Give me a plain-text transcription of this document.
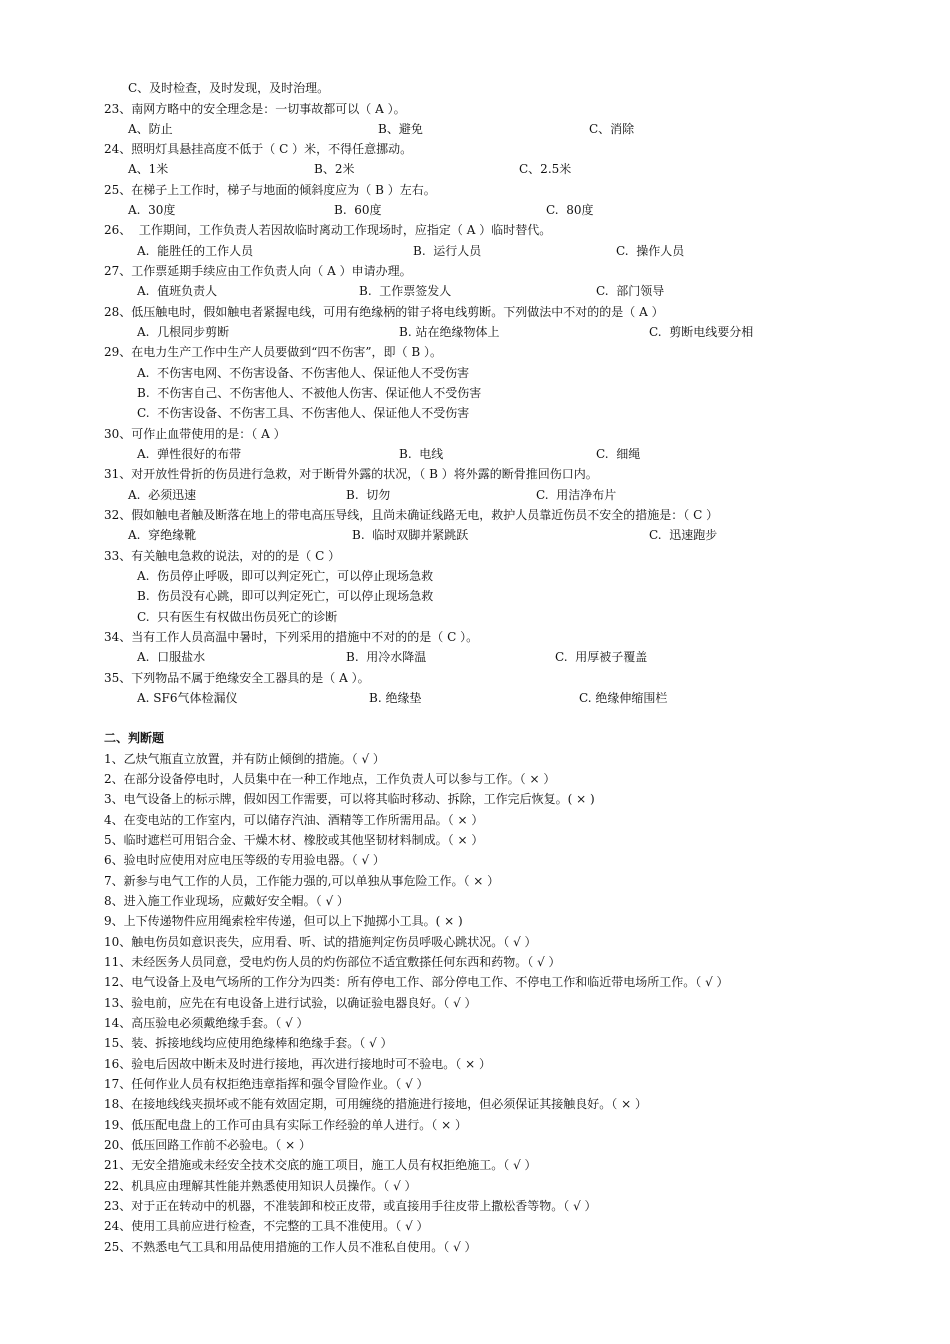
C、及时检查，及时发现，及时治理。

23、南网方略中的安全理念是：一切事故都可以（ A ）。

A、防止

	B、避免

	C、消除

24、照明灯具悬挂高度不低于（ C ）米，不得任意挪动。

A、1米

	B、2米

	C、2.5米

25、在梯子上工作时，梯子与地面的倾斜度应为（ B ）左右。

A.  30度

	B.  60度

	C.  80度

26、  工作期间，工作负责人若因故临时离动工作现场时，应指定（ A ）临时替代。

A.  能胜任的工作人员

	B.  运行人员

	C.  操作人员

27、工作票延期手续应由工作负责人向（ A ）申请办理。

A.  值班负责人

	B.  工作票签发人

	C.  部门领导

28、低压触电时，假如触电者紧握电线，可用有绝缘柄的钳子将电线剪断。下列做法中不对的的是（ A ）

A.  几根同步剪断

	B. 站在绝缘物体上

	C.  剪断电线要分相

29、在电力生产工作中生产人员要做到“四不伤害”，即（ B ）。

A.  不伤害电网、不伤害设备、不伤害他人、保证他人不受伤害

B.  不伤害自己、不伤害他人、不被他人伤害、保证他人不受伤害

C.  不伤害设备、不伤害工具、不伤害他人、保证他人不受伤害

30、可作止血带使用的是：（ A ）

A.  弹性很好的布带

	B.  电线

	C.  细绳

31、对开放性骨折的伤员进行急救，对于断骨外露的状况，（ B ）将外露的断骨推回伤口内。

A.  必须迅速

	B.  切勿

	C.  用洁净布片

32、假如触电者触及断落在地上的带电高压导线，且尚未确证线路无电，救护人员靠近伤员不安全的措施是：（ C ）

A.  穿绝缘靴

	B.  临时双脚并紧跳跃

	C.  迅速跑步

33、有关触电急救的说法，对的的是（ C ）

A.  伤员停止呼吸，即可以判定死亡，可以停止现场急救

B.  伤员没有心跳，即可以判定死亡，可以停止现场急救

C.  只有医生有权做出伤员死亡的诊断

34、当有工作人员高温中暑时，下列采用的措施中不对的的是（ C ）。

A.  口服盐水

	B.  用冷水降温

	C.  用厚被子覆盖

35、下列物品不属于绝缘安全工器具的是（ A ）。

A. SF6气体检漏仪

	B. 绝缘垫

	C. 绝缘伸缩围栏

二、判断题

1、乙炔气瓶直立放置，并有防止倾倒的措施。（ √ ）
2、在部分设备停电时，人员集中在一种工作地点，工作负责人可以参与工作。（ × ）
3、电气设备上的标示牌，假如因工作需要，可以将其临时移动、拆除，工作完后恢复。( × )
4、在变电站的工作室内，可以储存汽油、酒精等工作所需用品。（ × ）
5、临时遮栏可用铝合金、干燥木材、橡胶或其他坚韧材料制成。（ × ）
6、验电时应使用对应电压等级的专用验电器。（ √ ）
7、新参与电气工作的人员，工作能力强的,可以单独从事危险工作。（ × ）
8、进入施工作业现场，应戴好安全帽。（ √ ）
9、上下传递物件应用绳索栓牢传递，但可以上下抛掷小工具。( × )
10、触电伤员如意识丧失，应用看、听、试的措施判定伤员呼吸心跳状况。（ √ ）
11、未经医务人员同意，受电灼伤人员的灼伤部位不适宜敷搽任何东西和药物。（ √ ）
12、电气设备上及电气场所的工作分为四类：所有停电工作、部分停电工作、不停电工作和临近带电场所工作。（ √ ）
13、验电前，应先在有电设备上进行试验，以确证验电器良好。（ √ ）
14、高压验电必须戴绝缘手套。（ √ ）
15、装、拆接地线均应使用绝缘棒和绝缘手套。（ √ ）
16、验电后因故中断未及时进行接地，再次进行接地时可不验电。（ × ）
17、任何作业人员有权拒绝违章指挥和强令冒险作业。（ √ ）
18、在接地线线夹损坏或不能有效固定期，可用缠绕的措施进行接地，但必须保证其接触良好。（ × ）
19、低压配电盘上的工作可由具有实际工作经验的单人进行。（ × ）
20、低压回路工作前不必验电。（ × ）
21、无安全措施或未经安全技术交底的施工项目，施工人员有权拒绝施工。（ √ ）
22、机具应由理解其性能并熟悉使用知识人员操作。（ √ ）
23、对于正在转动中的机器，不准装卸和校正皮带，或直接用手往皮带上撒松香等物。（ √ ）
24、使用工具前应进行检查，不完整的工具不准使用。（ √ ）
25、不熟悉电气工具和用品使用措施的工作人员不准私自使用。（ √ ）
